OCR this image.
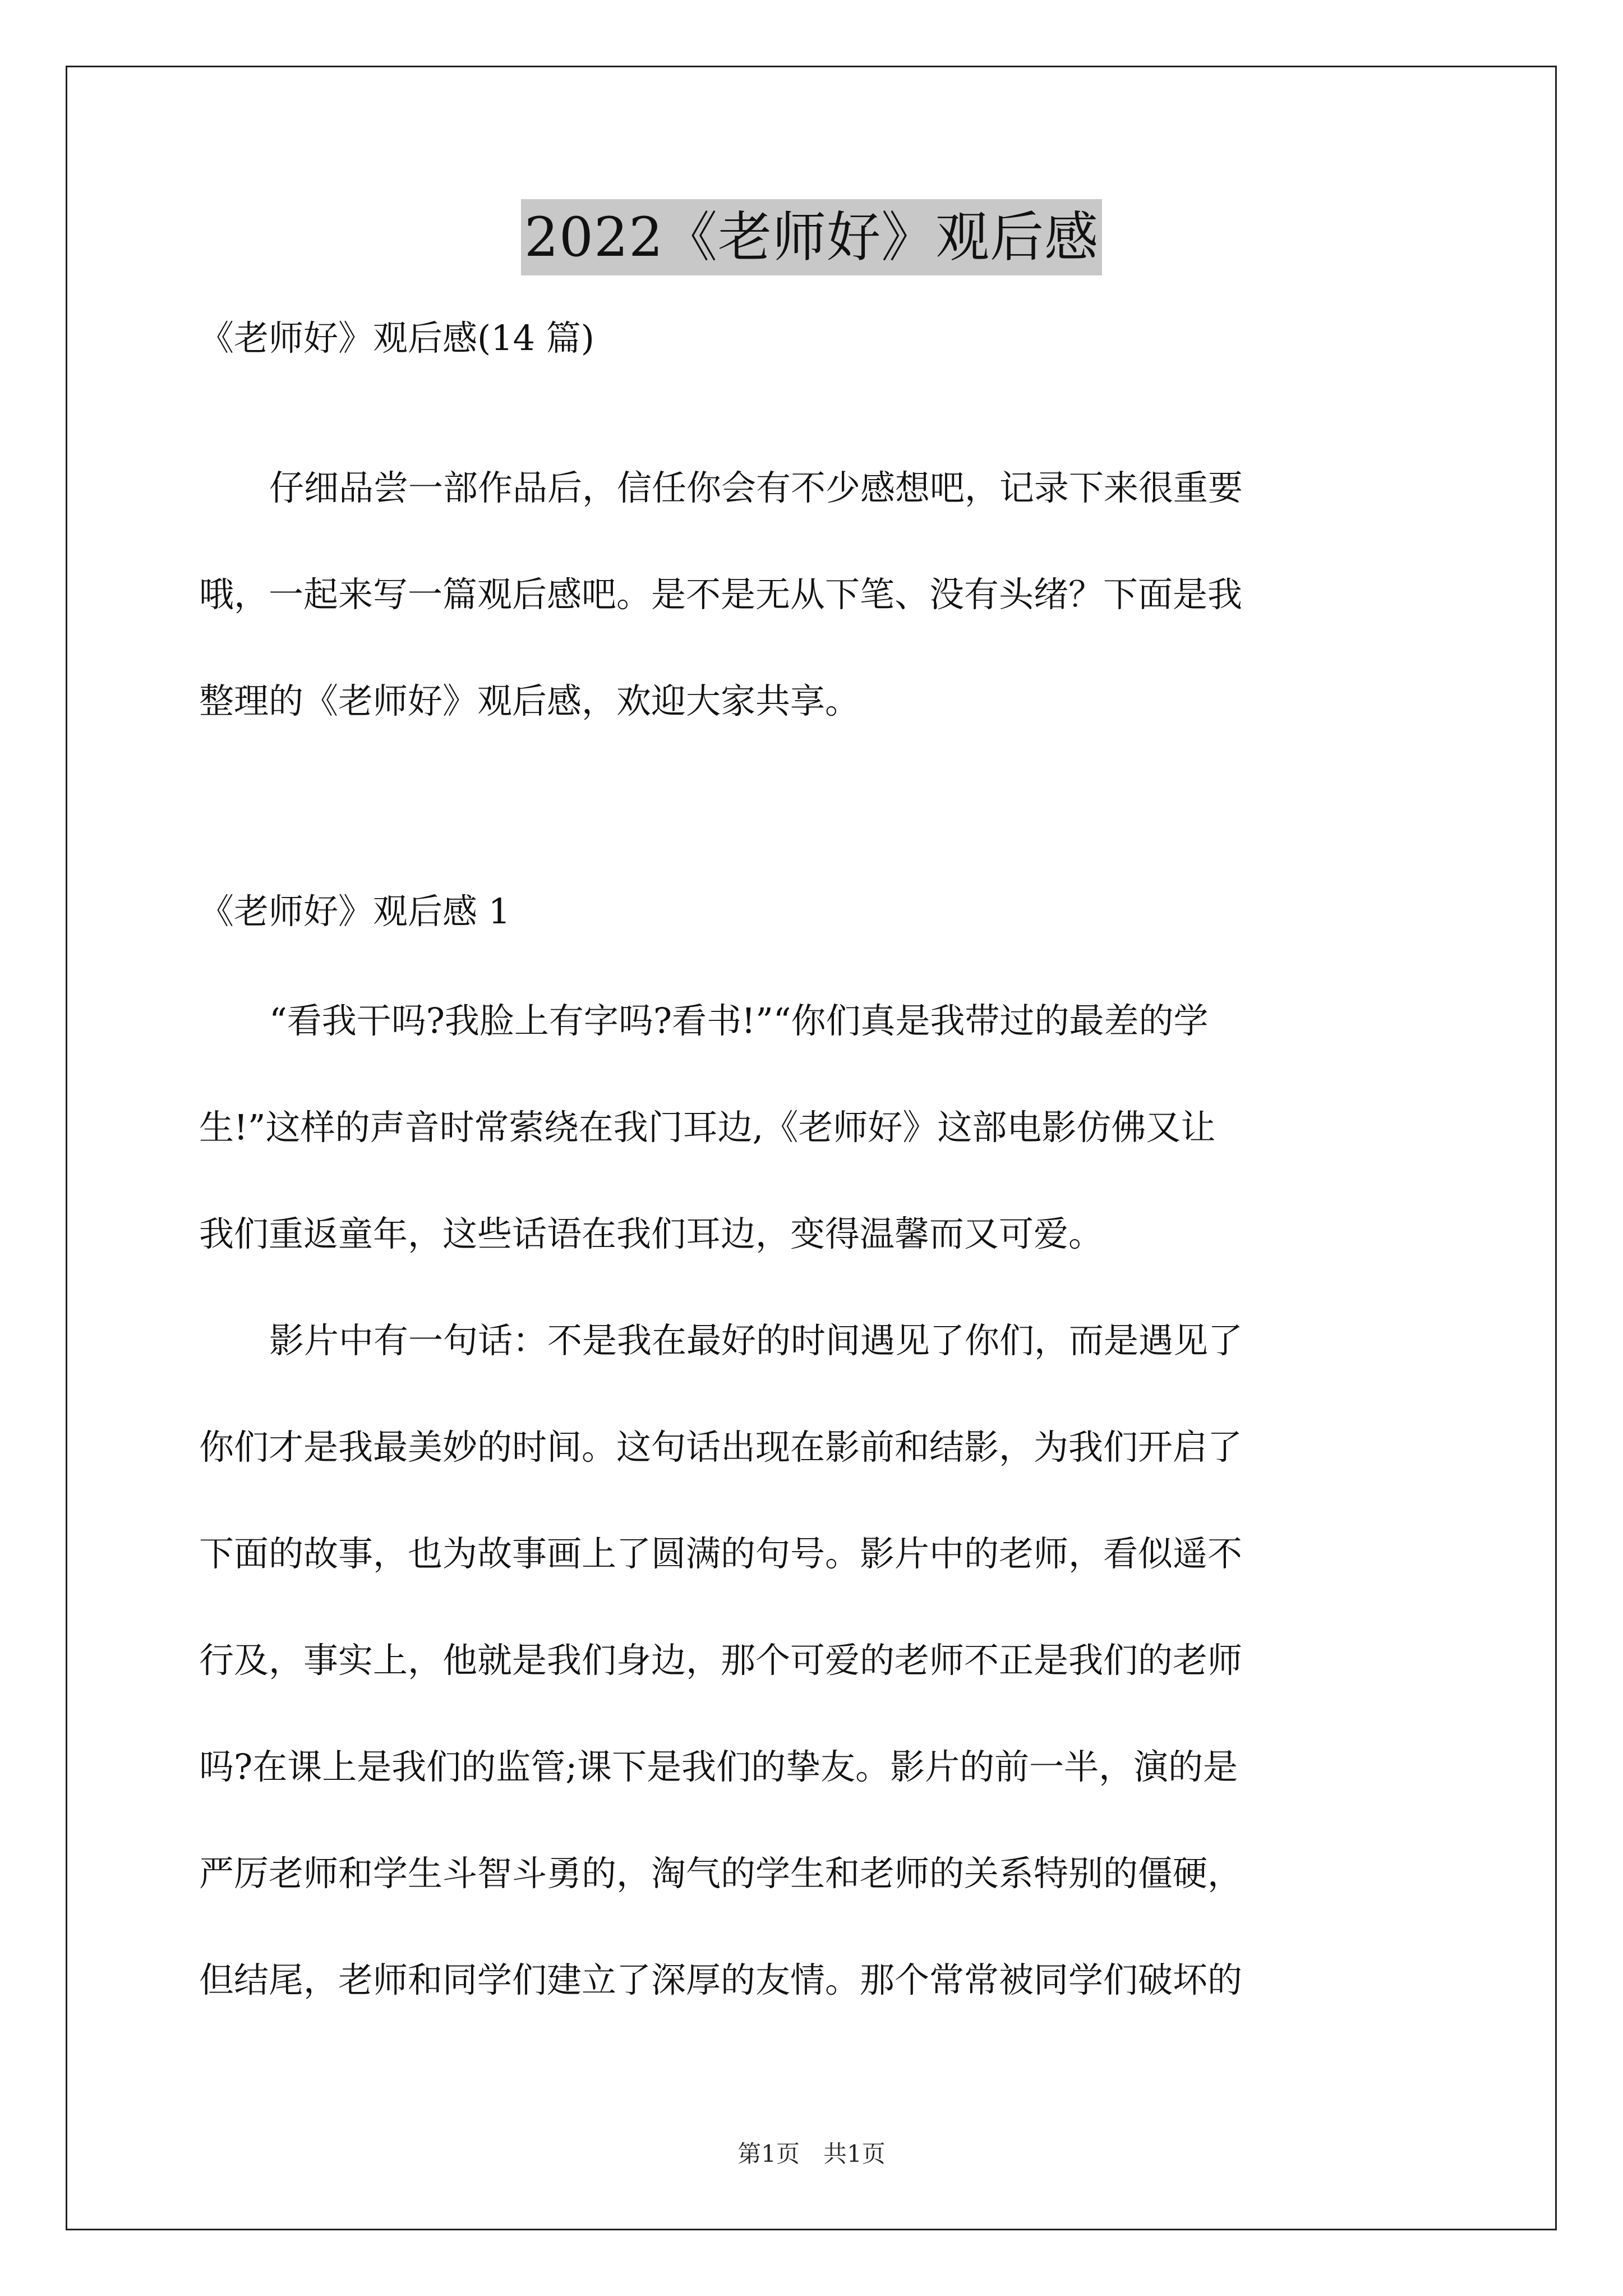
2022《老师好》观后感
《老师好》观后感(14 篇)
仔细品尝一部作品后，信任你会有不少感想吧，记录下来很重要
哦，一起来写一篇观后感吧。是不是无从下笔、没有头绪？下面是我
整理的《老师好》观后感，欢迎大家共享。
《老师好》观后感 1
“看我干吗?我脸上有字吗?看书!”“你们真是我带过的最差的学
生!”这样的声音时常萦绕在我门耳边,《老师好》这部电影仿佛又让
我们重返童年，这些话语在我们耳边，变得温馨而又可爱。
影片中有一句话：不是我在最好的时间遇见了你们，而是遇见了
你们才是我最美妙的时间。这句话出现在影前和结影，为我们开启了
下面的故事，也为故事画上了圆满的句号。影片中的老师，看似遥不
行及，事实上，他就是我们身边，那个可爱的老师不正是我们的老师
吗?在课上是我们的监管;课下是我们的挚友。影片的前一半，演的是
严厉老师和学生斗智斗勇的，淘气的学生和老师的关系特别的僵硬，
但结尾，老师和同学们建立了深厚的友情。那个常常被同学们破坏的
第1页　共1页
